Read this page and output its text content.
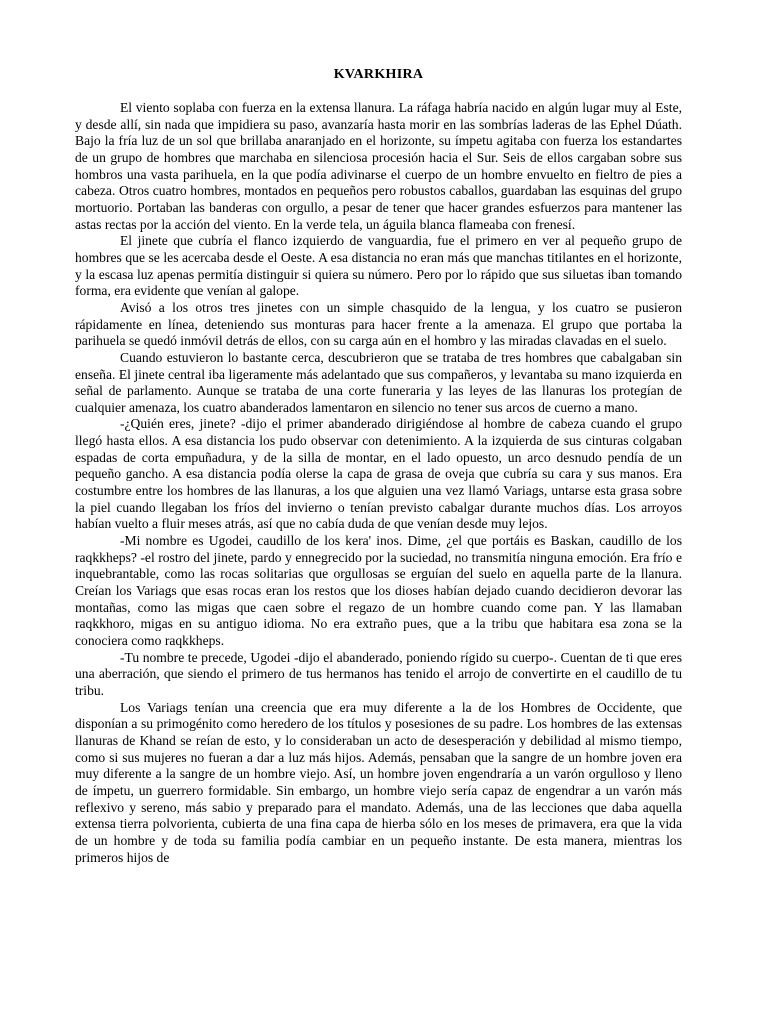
KVARKHIRA

El viento soplaba con fuerza en la extensa llanura. La ráfaga habría nacido en algún lugar muy al Este, y desde allí, sin nada que impidiera su paso, avanzaría hasta morir en las sombrías laderas de las Ephel Dúath. Bajo la fría luz de un sol que brillaba anaranjado en el horizonte, su ímpetu agitaba con fuerza los estandartes de un grupo de hombres que marchaba en silenciosa procesión hacia el Sur. Seis de ellos cargaban sobre sus hombros una vasta parihuela, en la que podía adivinarse el cuerpo de un hombre envuelto en fieltro de pies a cabeza. Otros cuatro hombres, montados en pequeños pero robustos caballos, guardaban las esquinas del grupo mortuorio. Portaban las banderas con orgullo, a pesar de tener que hacer grandes esfuerzos para mantener las astas rectas por la acción del viento. En la verde tela, un águila blanca flameaba con frenesí.

El jinete que cubría el flanco izquierdo de vanguardia, fue el primero en ver al pequeño grupo de hombres que se les acercaba desde el Oeste. A esa distancia no eran más que manchas titilantes en el horizonte, y la escasa luz apenas permitía distinguir si quiera su número. Pero por lo rápido que sus siluetas iban tomando forma, era evidente que venían al galope.

Avisó a los otros tres jinetes con un simple chasquido de la lengua, y los cuatro se pusieron rápidamente en línea, deteniendo sus monturas para hacer frente a la amenaza. El grupo que portaba la parihuela se quedó inmóvil detrás de ellos, con su carga aún en el hombro y las miradas clavadas en el suelo.

Cuando estuvieron lo bastante cerca, descubrieron que se trataba de tres hombres que cabalgaban sin enseña. El jinete central iba ligeramente más adelantado que sus compañeros, y levantaba su mano izquierda en señal de parlamento. Aunque se trataba de una corte funeraria y las leyes de las llanuras los protegían de cualquier amenaza, los cuatro abanderados lamentaron en silencio no tener sus arcos de cuerno a mano.

-¿Quién eres, jinete? -dijo el primer abanderado dirigiéndose al hombre de cabeza cuando el grupo llegó hasta ellos. A esa distancia los pudo observar con detenimiento. A la izquierda de sus cinturas colgaban espadas de corta empuñadura, y de la silla de montar, en el lado opuesto, un arco desnudo pendía de un pequeño gancho. A esa distancia podía olerse la capa de grasa de oveja que cubría su cara y sus manos. Era costumbre entre los hombres de las llanuras, a los que alguien una vez llamó Variags, untarse esta grasa sobre la piel cuando llegaban los fríos del invierno o tenían previsto cabalgar durante muchos días. Los arroyos habían vuelto a fluir meses atrás, así que no cabía duda de que venían desde muy lejos.

-Mi nombre es Ugodei, caudillo de los kera' inos. Dime, ¿el que portáis es Baskan, caudillo de los raqkkheps? -el rostro del jinete, pardo y ennegrecido por la suciedad, no transmitía ninguna emoción. Era frío e inquebrantable, como las rocas solitarias que orgullosas se erguían del suelo en aquella parte de la llanura. Creían los Variags que esas rocas eran los restos que los dioses habían dejado cuando decidieron devorar las montañas, como las migas que caen sobre el regazo de un hombre cuando come pan. Y las llamaban raqkkhoro, migas en su antiguo idioma. No era extraño pues, que a la tribu que habitara esa zona se la conociera como raqkkheps.

-Tu nombre te precede, Ugodei -dijo el abanderado, poniendo rígido su cuerpo-. Cuentan de ti que eres una aberración, que siendo el primero de tus hermanos has tenido el arrojo de convertirte en el caudillo de tu tribu.

Los Variags tenían una creencia que era muy diferente a la de los Hombres de Occidente, que disponían a su primogénito como heredero de los títulos y posesiones de su padre. Los hombres de las extensas llanuras de Khand se reían de esto, y lo consideraban un acto de desesperación y debilidad al mismo tiempo, como si sus mujeres no fueran a dar a luz más hijos. Además, pensaban que la sangre de un hombre joven era muy diferente a la sangre de un hombre viejo. Así, un hombre joven engendraría a un varón orgulloso y lleno de ímpetu, un guerrero formidable. Sin embargo, un hombre viejo sería capaz de engendrar a un varón más reflexivo y sereno, más sabio y preparado para el mandato. Además, una de las lecciones que daba aquella extensa tierra polvorienta, cubierta de una fina capa de hierba sólo en los meses de primavera, era que la vida de un hombre y de toda su familia podía cambiar en un pequeño instante. De esta manera, mientras los primeros hijos de
